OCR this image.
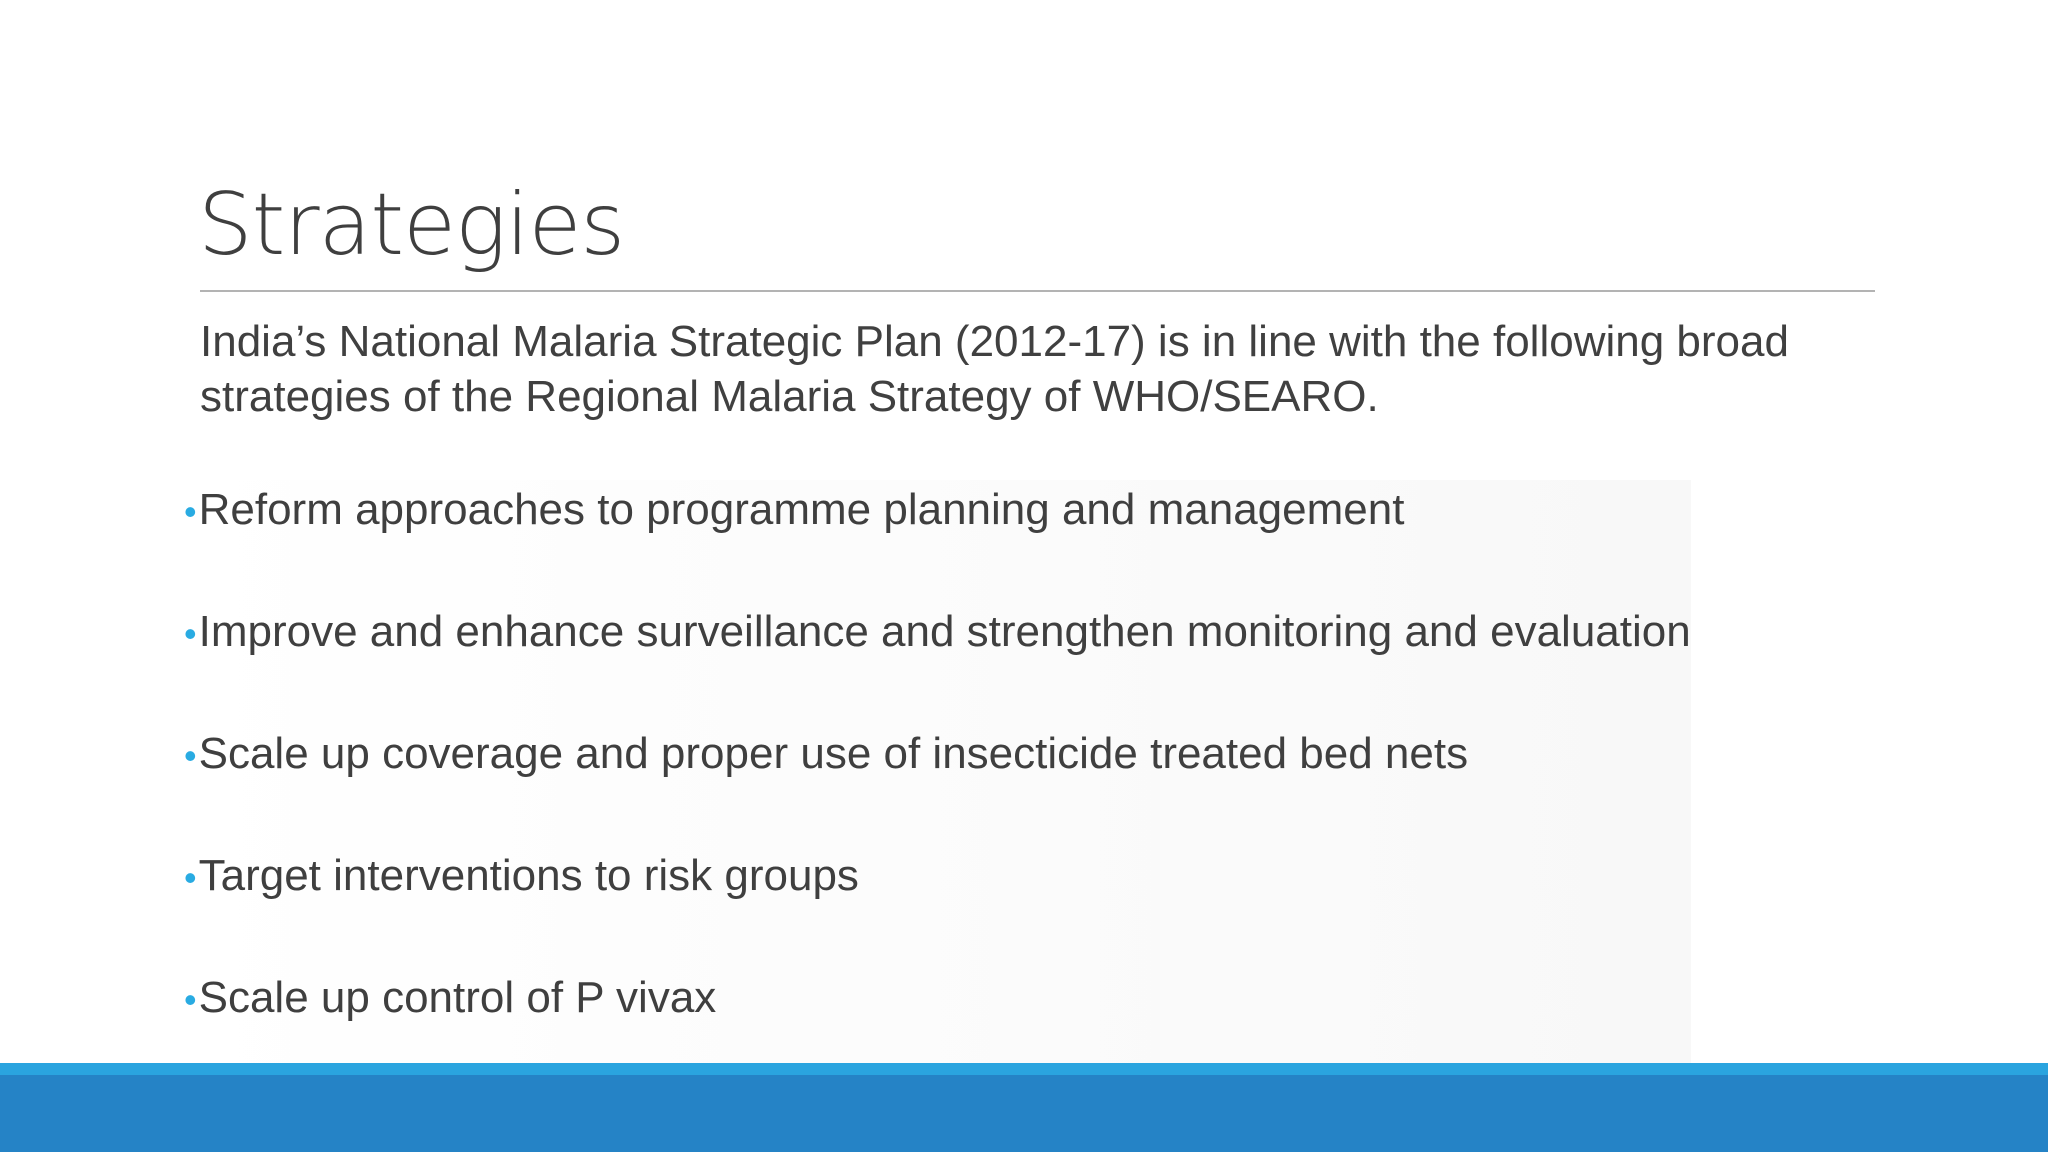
Strategies

India’s National Malaria Strategic Plan (2012-17) is in line with the following broad strategies of the Regional Malaria Strategy of WHO/SEARO.

• Reform approaches to programme planning and management
• Improve and enhance surveillance and strengthen monitoring and evaluation
• Scale up coverage and proper use of insecticide treated bed nets
• Target interventions to risk groups
• Scale up control of P vivax
